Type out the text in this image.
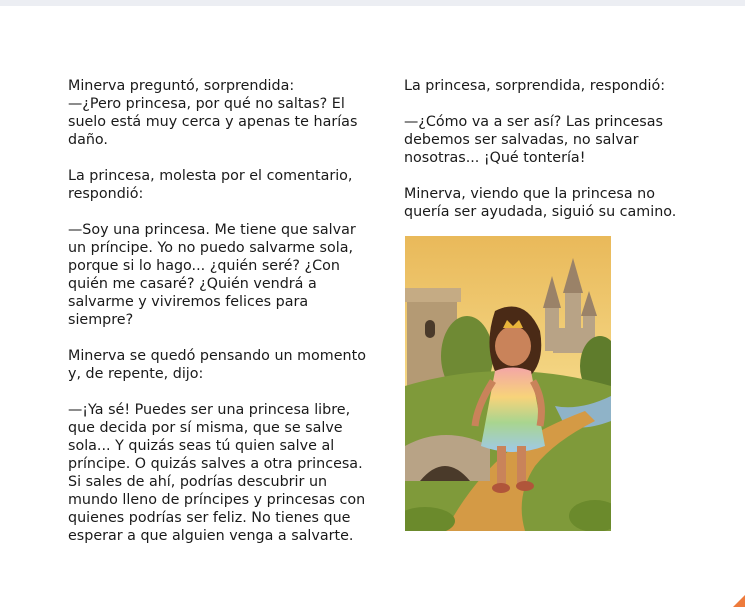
Minerva preguntó, sorprendida:
—¿Pero princesa, por qué no saltas? El suelo está muy cerca y apenas te harías daño.

La princesa, molesta por el comentario, respondió:

—Soy una princesa. Me tiene que salvar un príncipe. Yo no puedo salvarme sola, porque si lo hago... ¿quién seré? ¿Con quién me casaré? ¿Quién vendrá a salvarme y viviremos felices para siempre?

Minerva se quedó pensando un momento y, de repente, dijo:

—¡Ya sé! Puedes ser una princesa libre, que decida por sí misma, que se salve sola... Y quizás seas tú quien salve al príncipe. O quizás salves a otra princesa. Si sales de ahí, podrías descubrir un mundo lleno de príncipes y princesas con quienes podrías ser feliz. No tienes que esperar a que alguien venga a salvarte.

La princesa, sorprendida, respondió:

—¿Cómo va a ser así? Las princesas debemos ser salvadas, no salvar nosotras... ¡Qué tontería!

Minerva, viendo que la princesa no quería ser ayudada, siguió su camino.
